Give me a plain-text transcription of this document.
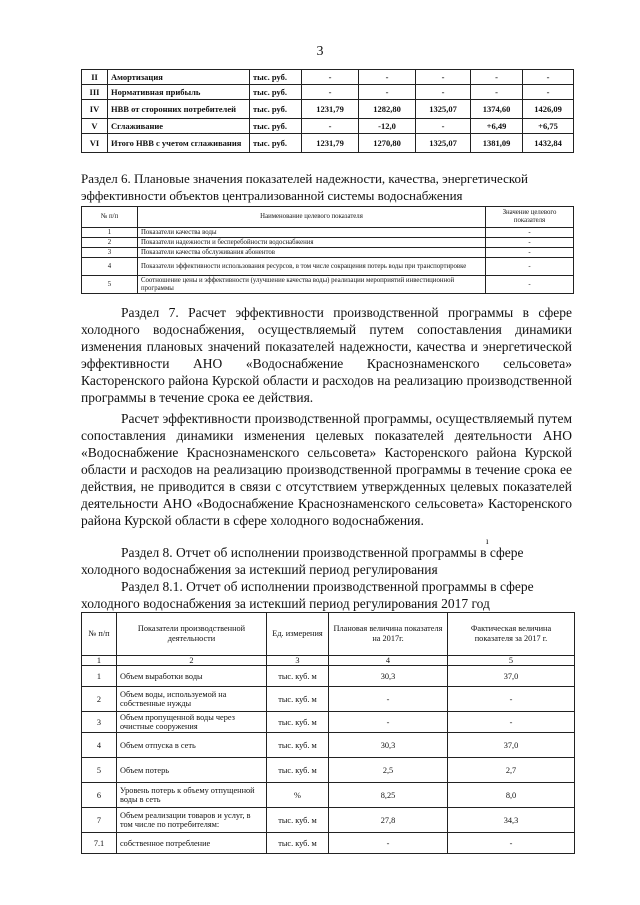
3
II	Амортизация	тыс. руб.	-	-	-	-	-
III	Нормативная прибыль	тыс. руб.	-	-	-	-	-
IV	НВВ от сторонних потребителей	тыс. руб.	1231,79	1282,80	1325,07	1374,60	1426,09
V	Сглаживание	тыс. руб.	-	-12,0	-	+6,49	+6,75
VI	Итого НВВ с учетом сглаживания	тыс. руб.	1231,79	1270,80	1325,07	1381,09	1432,84
Раздел 6. Плановые значения показателей надежности, качества, энергетической эффективности объектов централизованной системы водоснабжения
№ п/п	Наименование целевого показателя	Значение целевого показателя
1	Показатели качества воды	-
2	Показатели надежности и бесперебойности водоснабжения	-
3	Показатели качества обслуживания абонентов	-
4	Показатели эффективности использования ресурсов, в том числе сокращения потерь воды при транспортировке	-
5	Соотношение цены и эффективности (улучшение качества воды) реализации мероприятий инвестиционной программы	-

Раздел 7. Расчет эффективности производственной программы в сфере холодного водоснабжения, осуществляемый путем сопоставления динамики изменения плановых значений показателей надежности, качества и энергетической эффективности АНО «Водоснабжение Краснознаменского сельсовета» Касторенского района Курской области и расходов на реализацию производственной программы в течение срока ее действия.

Расчет эффективности производственной программы, осуществляемый путем сопоставления динамики изменения целевых показателей деятельности АНО «Водоснабжение Краснознаменского сельсовета» Касторенского района Курской области и расходов на реализацию производственной программы в течение срока ее действия, не приводится в связи с отсутствием утвержденных целевых показателей деятельности АНО «Водоснабжение Краснознаменского сельсовета» Касторенского района Курской области в сфере холодного водоснабжения.

ı

Раздел 8. Отчет об исполнении производственной программы в сфере холодного водоснабжения за истекший период регулирования

Раздел 8.1. Отчет об исполнении производственной программы в сфере холодного водоснабжения за истекший период регулирования 2017 год

№ п/п	Показатели производственной деятельности	Ед. измерения	Плановая величина показателя на 2017г.	Фактическая величина показателя за 2017 г.
1	2	3	4	5
1	Объем выработки воды	тыс. куб. м	30,3	37,0
2	Объем воды, используемой на собственные нужды	тыс. куб. м	-	-
3	Объем пропущенной воды через очистные сооружения	тыс. куб. м	-	-
4	Объем отпуска в сеть	тыс. куб. м	30,3	37,0
5	Объем потерь	тыс. куб. м	2,5	2,7
6	Уровень потерь к объему отпущенной воды в сеть	%	8,25	8,0
7	Объем реализации товаров и услуг, в том числе по потребителям:	тыс. куб. м	27,8	34,3
7.1	собственное потребление	тыс. куб. м	-	-
